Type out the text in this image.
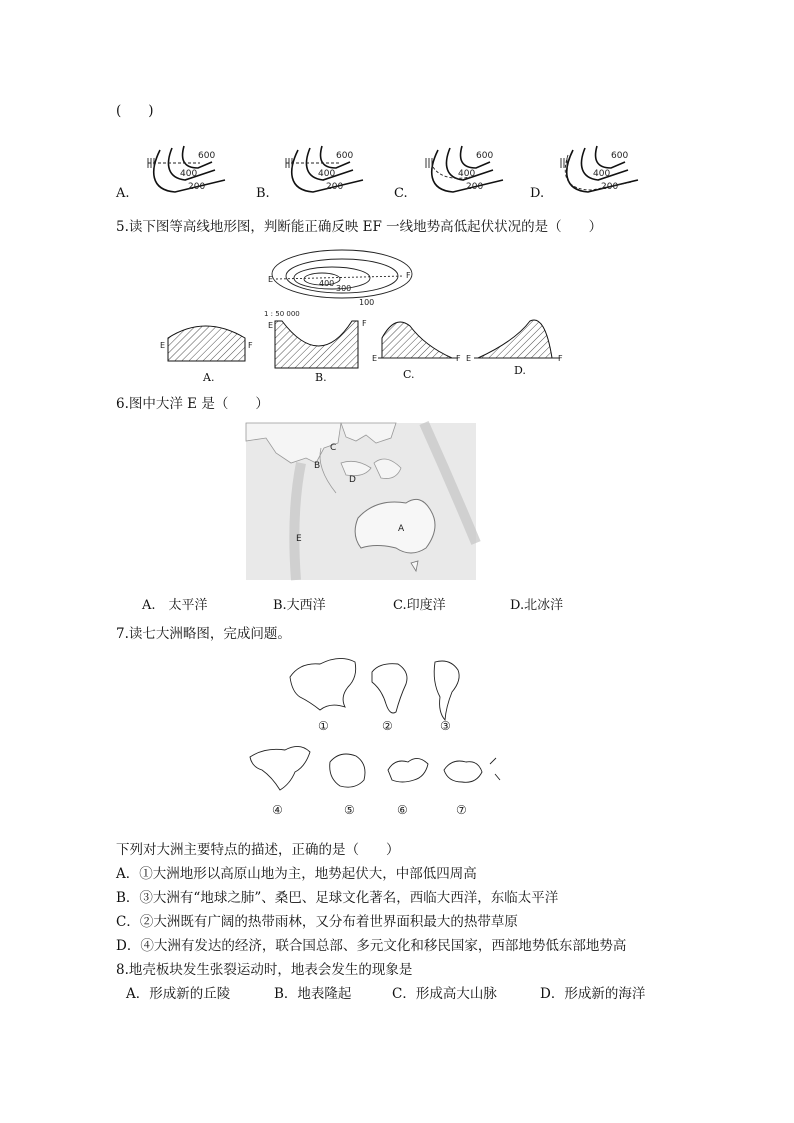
(　　)
600
400
200
600
400
200
600
400
200
600
400
200
A.	B.	C.	D.
5.读下图等高线地形图，判断能正确反映 EF 一线地势高低起伏状况的是（　　）
E	F
400
300
100
1 : 50 000
E	F
E	F
E	F E	F
A.	B.	C.	D.
6.图中大洋 E 是（　　）
C
B
D
A
E
A.　太平洋	B.大西洋	C.印度洋	D.北冰洋
7.读七大洲略图，完成问题。
①	②	③
④	⑤	⑥	⑦
下列对大洲主要特点的描述，正确的是（　　）
A．①大洲地形以高原山地为主，地势起伏大，中部低四周高
B．③大洲有“地球之肺”、桑巴、足球文化著名，西临大西洋，东临太平洋
C．②大洲既有广阔的热带雨林，又分布着世界面积最大的热带草原
D．④大洲有发达的经济，联合国总部、多元文化和移民国家，西部地势低东部地势高
8.地壳板块发生张裂运动时，地表会发生的现象是
A．形成新的丘陵	B．地表隆起	C．形成高大山脉	D．形成新的海洋
